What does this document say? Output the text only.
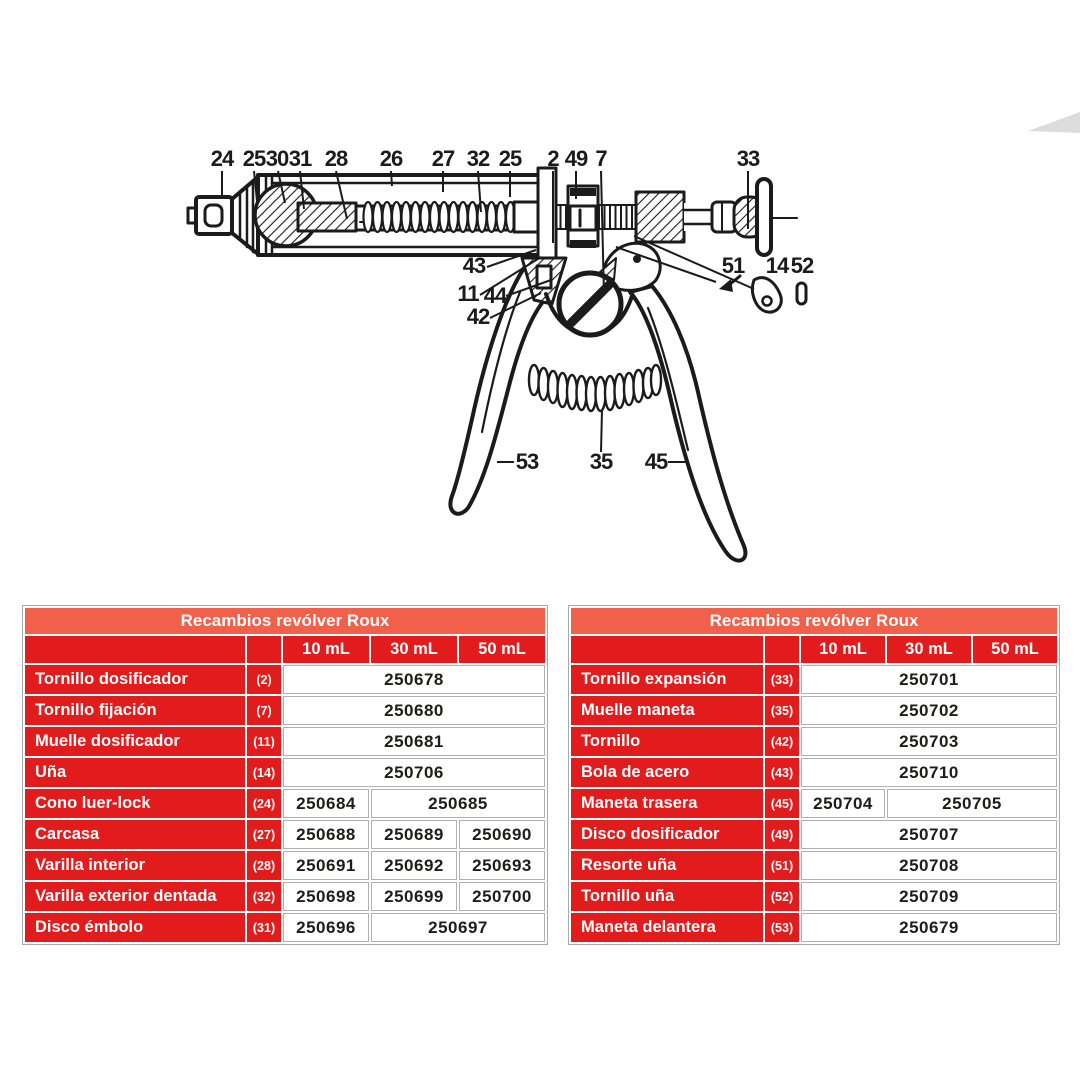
24 25 30 31 28 26 27 32 25 2 49 7	33
43
11 44
42
51 14 52
53 35 45
Recambios revólver Roux				
		10 mL	30 mL	50 mL
Tornillo dosificador	(2)	250678		
Tornillo fijación	(7)	250680		
Muelle dosificador	(11)	250681		
Uña	(14)	250706		
Cono luer-lock	(24)	250684	250685	
Carcasa	(27)	250688	250689	250690
Varilla interior	(28)	250691	250692	250693
Varilla exterior dentada	(32)	250698	250699	250700
Disco émbolo	(31)	250696	250697	
Recambios revólver Roux				
		10 mL	30 mL	50 mL
Tornillo expansión	(33)	250701		
Muelle maneta	(35)	250702		
Tornillo	(42)	250703		
Bola de acero	(43)	250710		
Maneta trasera	(45)	250704	250705	
Disco dosificador	(49)	250707		
Resorte uña	(51)	250708		
Tornillo uña	(52)	250709		
Maneta delantera	(53)	250679		
